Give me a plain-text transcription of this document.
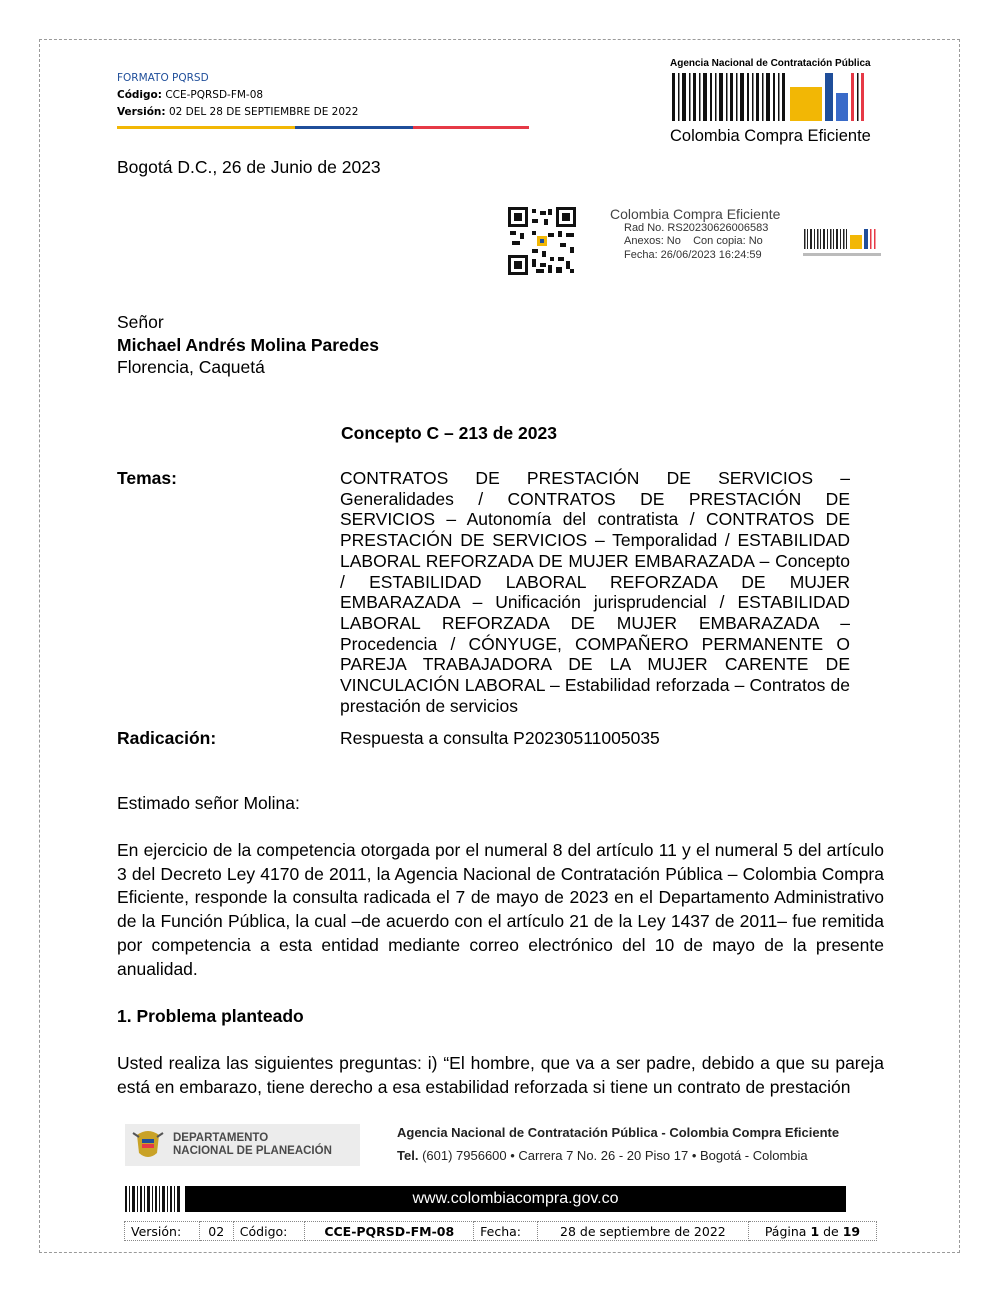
FORMATO PQRSD
Código: CCE-PQRSD-FM-08
Versión: 02 DEL 28 DE SEPTIEMBRE DE 2022
Agencia Nacional de Contratación Pública
Colombia Compra Eficiente
Bogotá D.C., 26 de Junio de 2023
Colombia Compra Eficiente
Rad No. RS20230626006583
Anexos: No    Con copia: No
Fecha: 26/06/2023 16:24:59
Señor
Michael Andrés Molina Paredes
Florencia, Caquetá
Concepto C – 213 de 2023
Temas:	CONTRATOS DE PRESTACIÓN DE SERVICIOS – Generalidades / CONTRATOS DE PRESTACIÓN DE SERVICIOS – Autonomía del contratista / CONTRATOS DE PRESTACIÓN DE SERVICIOS – Temporalidad / ESTABILIDAD LABORAL REFORZADA DE MUJER EMBARAZADA – Concepto / ESTABILIDAD LABORAL REFORZADA DE MUJER EMBARAZADA – Unificación jurisprudencial / ESTABILIDAD LABORAL REFORZADA DE MUJER EMBARAZADA – Procedencia / CÓNYUGE, COMPAÑERO PERMANENTE O PAREJA TRABAJADORA DE LA MUJER CARENTE DE VINCULACIÓN LABORAL – Estabilidad reforzada – Contratos de prestación de servicios
Radicación:	Respuesta a consulta P20230511005035
Estimado señor Molina:
En ejercicio de la competencia otorgada por el numeral 8 del artículo 11 y el numeral 5 del artículo 3 del Decreto Ley 4170 de 2011, la Agencia Nacional de Contratación Pública – Colombia Compra Eficiente, responde la consulta radicada el 7 de mayo de 2023 en el Departamento Administrativo de la Función Pública, la cual –de acuerdo con el artículo 21 de la Ley 1437 de 2011– fue remitida por competencia a esta entidad mediante correo electrónico del 10 de mayo de la presente anualidad.
1. Problema planteado
Usted realiza las siguientes preguntas: i) “El hombre, que va a ser padre, debido a que su pareja está en embarazo, tiene derecho a esa estabilidad reforzada si tiene un contrato de prestación
DEPARTAMENTO
NACIONAL DE PLANEACIÓN
Agencia Nacional de Contratación Pública - Colombia Compra Eficiente
Tel. (601) 7956600 • Carrera 7 No. 26 - 20 Piso 17 • Bogotá - Colombia
www.colombiacompra.gov.co
Versión:	02	Código:	CCE-PQRSD-FM-08	Fecha:	28 de septiembre de 2022	Página 1 de 19
